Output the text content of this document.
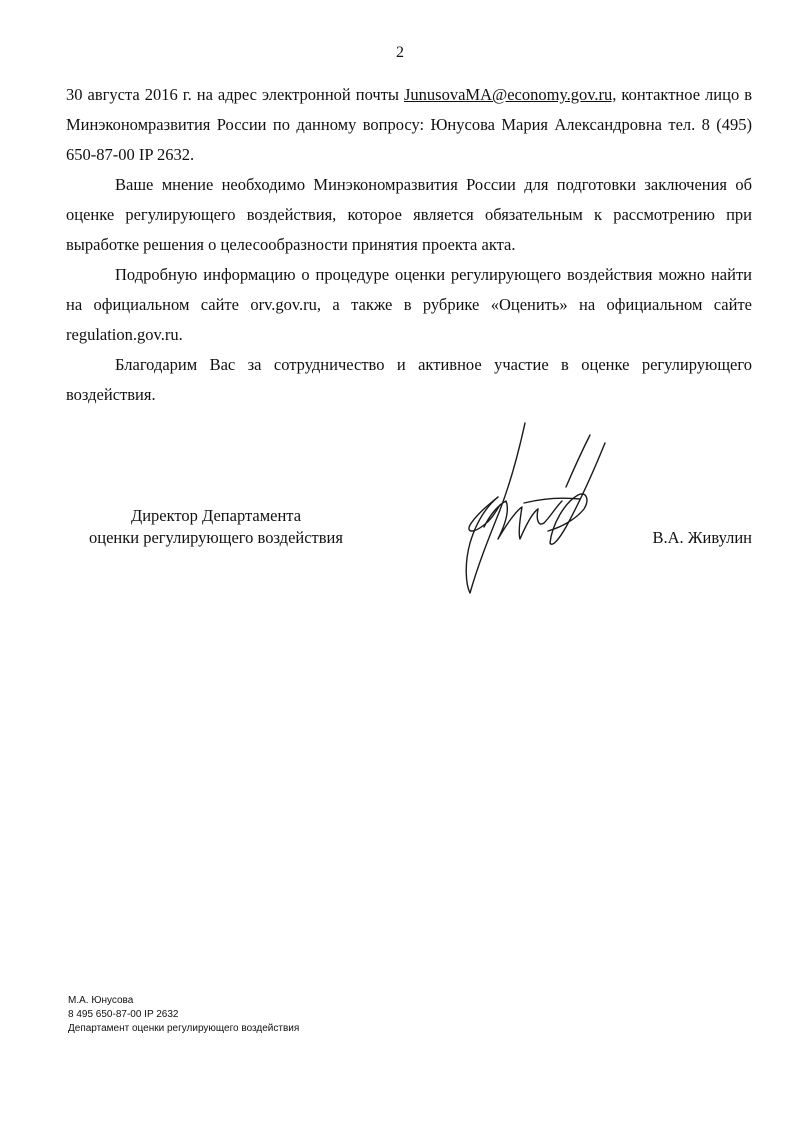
2

30 августа 2016 г. на адрес электронной почты JunusovaMA@economy.gov.ru, контактное лицо в Минэкономразвития России по данному вопросу: Юнусова Мария Александровна тел. 8 (495) 650-87-00 IP 2632.

Ваше мнение необходимо Минэкономразвития России для подготовки заключения об оценке регулирующего воздействия, которое является обязательным к рассмотрению при выработке решения о целесообразности принятия проекта акта.

Подробную информацию о процедуре оценки регулирующего воздействия можно найти на официальном сайте orv.gov.ru, а также в рубрике «Оценить» на официальном сайте regulation.gov.ru.

Благодарим Вас за сотрудничество и активное участие в оценке регулирующего воздействия.

Директор Департамента
оценки регулирующего воздействия	В.А. Живулин
М.А. Юнусова
8 495 650-87-00 IP 2632
Департамент оценки регулирующего воздействия
